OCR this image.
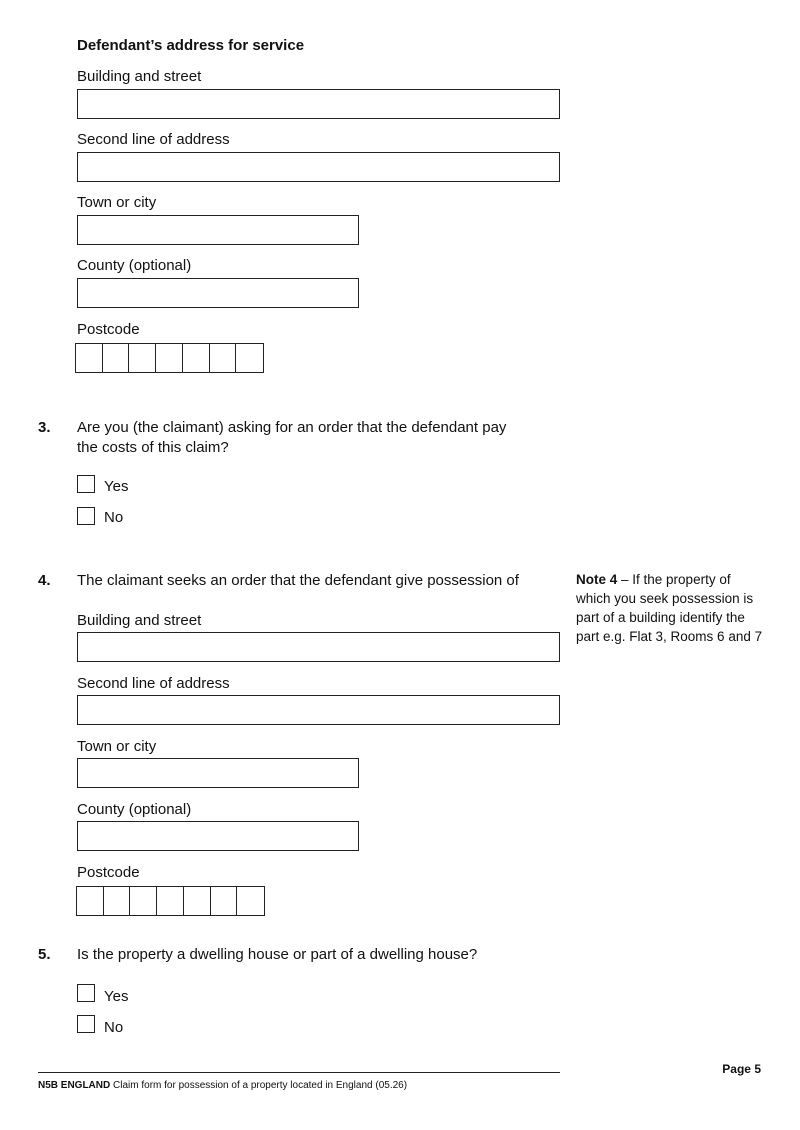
Defendant’s address for service
Building and street
Second line of address
Town or city
County (optional)
Postcode
3. Are you (the claimant) asking for an order that the defendant pay
the costs of this claim?
Yes
No
4. The claimant seeks an order that the defendant give possession of	Note 4 – If the property of which you seek possession is part of a building identify the part e.g. Flat 3, Rooms 6 and 7
Building and street
Second line of address
Town or city
County (optional)
Postcode
5. Is the property a dwelling house or part of a dwelling house?
Yes
No
Page 5
N5B ENGLAND Claim form for possession of a property located in England (05.26)
